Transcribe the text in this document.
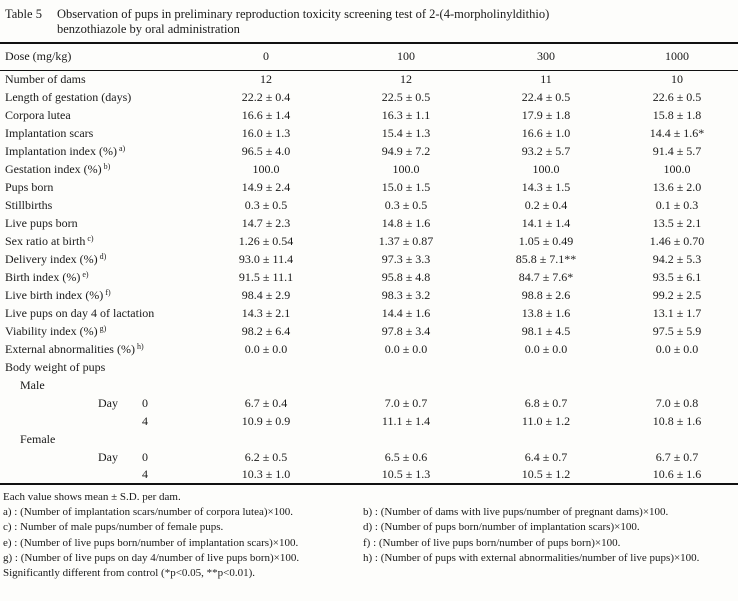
Table 5	Observation of pups in preliminary reproduction toxicity screening test of 2-(4-morpholinyldithio)
benzothiazole by oral administration
Dose (mg/kg)	0	100	300	1000
Number of dams	12	12	11	10
Length of gestation (days)	22.2 ± 0.4	22.5 ± 0.5	22.4 ± 0.5	22.6 ± 0.5
Corpora lutea	16.6 ± 1.4	16.3 ± 1.1	17.9 ± 1.8	15.8 ± 1.8
Implantation scars	16.0 ± 1.3	15.4 ± 1.3	16.6 ± 1.0	14.4 ± 1.6*
Implantation index (%) $^{a)}$	96.5 ± 4.0	94.9 ± 7.2	93.2 ± 5.7	91.4 ± 5.7
Gestation index (%) $^{b)}$	100.0	100.0	100.0	100.0
Pups born	14.9 ± 2.4	15.0 ± 1.5	14.3 ± 1.5	13.6 ± 2.0
Stillbirths	0.3 ± 0.5	0.3 ± 0.5	0.2 ± 0.4	0.1 ± 0.3
Live pups born	14.7 ± 2.3	14.8 ± 1.6	14.1 ± 1.4	13.5 ± 2.1
Sex ratio at birth $^{c)}$	1.26 ± 0.54	1.37 ± 0.87	1.05 ± 0.49	1.46 ± 0.70
Delivery index (%) $^{d)}$	93.0 ± 11.4	97.3 ± 3.3	85.8 ± 7.1**	94.2 ± 5.3
Birth index (%) $^{e)}$	91.5 ± 11.1	95.8 ± 4.8	84.7 ± 7.6*	93.5 ± 6.1
Live birth index (%) $^{f)}$	98.4 ± 2.9	98.3 ± 3.2	98.8 ± 2.6	99.2 ± 2.5
Live pups on day 4 of lactation	14.3 ± 2.1	14.4 ± 1.6	13.8 ± 1.6	13.1 ± 1.7
Viability index (%) $^{g)}$	98.2 ± 6.4	97.8 ± 3.4	98.1 ± 4.5	97.5 ± 5.9
External abnormalities (%) $^{h)}$	0.0 ± 0.0	0.0 ± 0.0	0.0 ± 0.0	0.0 ± 0.0
Body weight of pups				
Male				
Day 0	6.7 ± 0.4	7.0 ± 0.7	6.8 ± 0.7	7.0 ± 0.8
4	10.9 ± 0.9	11.1 ± 1.4	11.0 ± 1.2	10.8 ± 1.6
Female				
Day 0	6.2 ± 0.5	6.5 ± 0.6	6.4 ± 0.7	6.7 ± 0.7
4	10.3 ± 1.0	10.5 ± 1.3	10.5 ± 1.2	10.6 ± 1.6
Each value shows mean ± S.D. per dam.
a) : (Number of implantation scars/number of corpora lutea)×100.	b) : (Number of dams with live pups/number of pregnant dams)×100.
c) : Number of male pups/number of female pups.	d) : (Number of pups born/number of implantation scars)×100.
e) : (Number of live pups born/number of implantation scars)×100.	f) : (Number of live pups born/number of pups born)×100.
g) : (Number of live pups on day 4/number of live pups born)×100.	h) : (Number of pups with external abnormalities/number of live pups)×100.
Significantly different from control (*p<0.05, **p<0.01).
